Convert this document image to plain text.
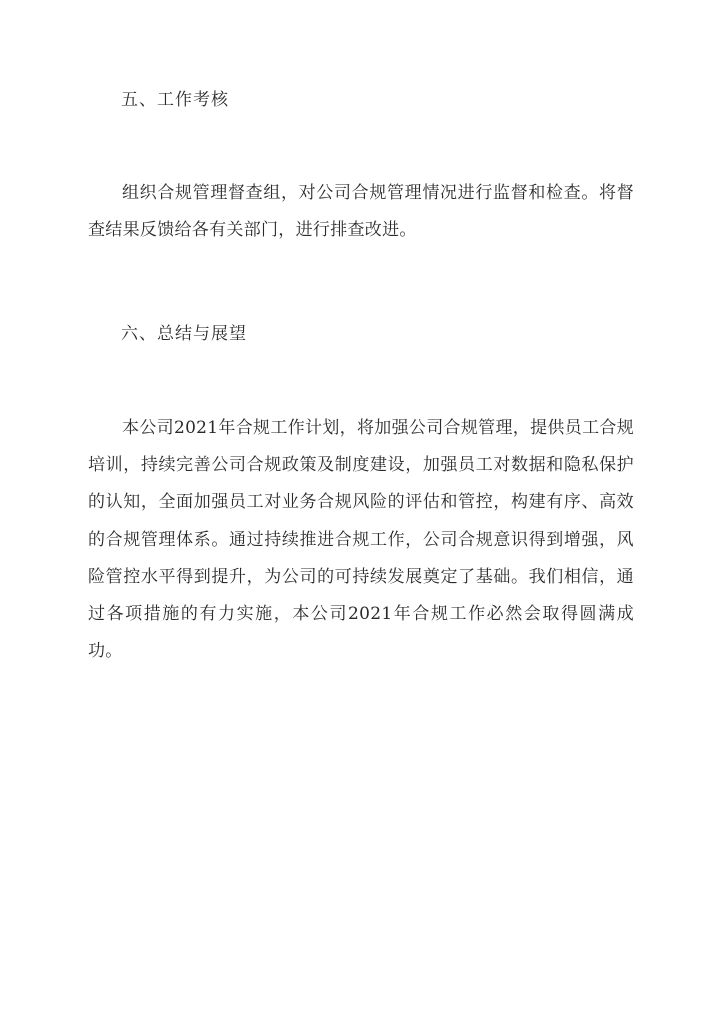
五、工作考核

组织合规管理督查组，对公司合规管理情况进行监督和检查。将督查结果反馈给各有关部门，进行排查改进。

六、总结与展望

本公司2021年合规工作计划，将加强公司合规管理，提供员工合规培训，持续完善公司合规政策及制度建设，加强员工对数据和隐私保护的认知，全面加强员工对业务合规风险的评估和管控，构建有序、高效的合规管理体系。通过持续推进合规工作，公司合规意识得到增强，风险管控水平得到提升，为公司的可持续发展奠定了基础。我们相信，通过各项措施的有力实施，本公司2021年合规工作必然会取得圆满成功。
